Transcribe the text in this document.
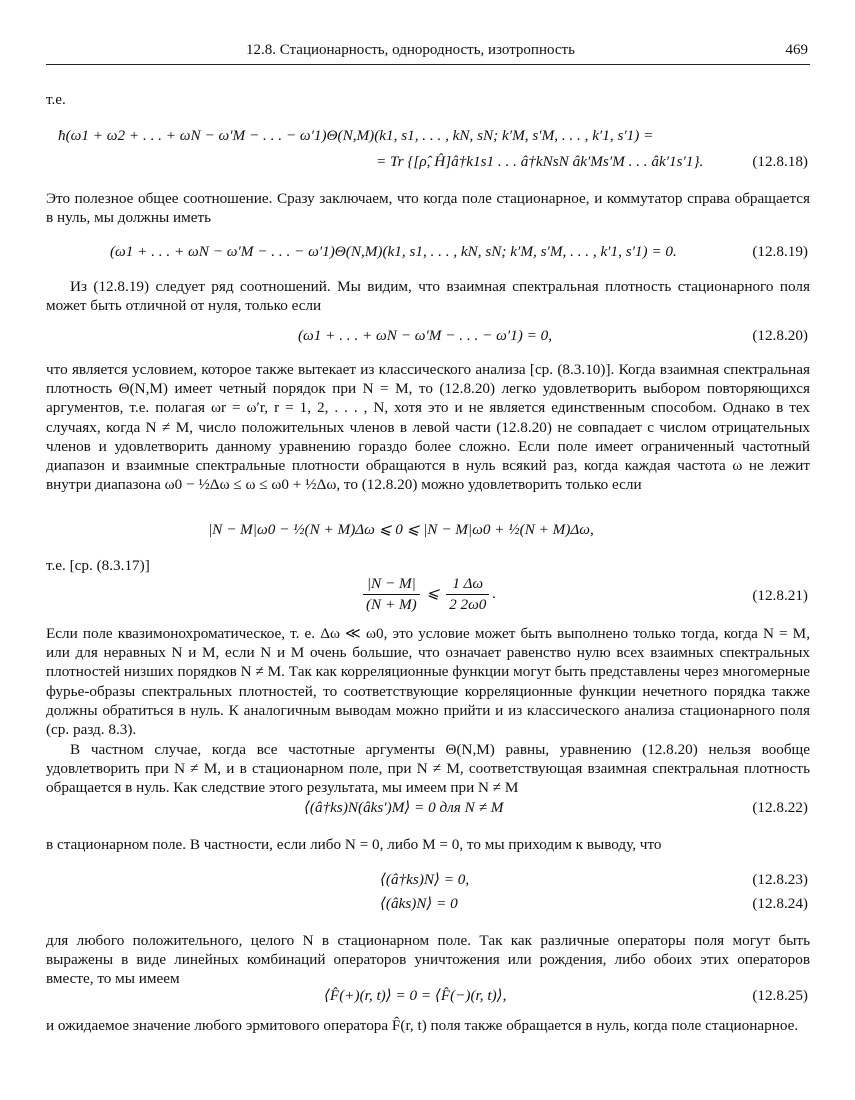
12.8. Стационарность, однородность, изотропность	469
т.е.
ħ(ω1 + ω2 + . . . + ωN − ω′M − . . . − ω′1)Θ(N,M)(k1, s1, . . . , kN, sN; k′M, s′M, . . . , k′1, s′1) =
= Tr {[ρ̂, Ĥ]â†k1s1 . . . â†kNsN âk′Ms′M . . . âk′1s′1}.	(12.8.18)
Это полезное общее соотношение. Сразу заключаем, что когда поле стационарное, и коммутатор справа обращается в нуль, мы должны иметь
(ω1 + . . . + ωN − ω′M − . . . − ω′1)Θ(N,M)(k1, s1, . . . , kN, sN; k′M, s′M, . . . , k′1, s′1) = 0.	(12.8.19)
Из (12.8.19) следует ряд соотношений. Мы видим, что взаимная спектральная плотность стационарного поля может быть отличной от нуля, только если
(ω1 + . . . + ωN − ω′M − . . . − ω′1) = 0,	(12.8.20)
что является условием, которое также вытекает из классического анализа [ср. (8.3.10)]. Когда взаимная спектральная плотность Θ(N,M) имеет четный порядок при N = M, то (12.8.20) легко удовлетворить выбором повторяющихся аргументов, т.е. полагая ωr = ω′r, r = 1, 2, . . . , N, хотя это и не является единственным способом. Однако в тех случаях, когда N ≠ M, число положительных членов в левой части (12.8.20) не совпадает с числом отрицательных членов и удовлетворить данному уравнению гораздо более сложно. Если поле имеет ограниченный частотный диапазон и взаимные спектральные плотности обращаются в нуль всякий раз, когда каждая частота ω не лежит внутри диапазона ω0 − ½Δω ≤ ω ≤ ω0 + ½Δω, то (12.8.20) можно удовлетворить только если
|N − M|ω0 − ½(N + M)Δω ⩽ 0 ⩽ |N − M|ω0 + ½(N + M)Δω,
т.е. [ср. (8.3.17)]
$\frac{|N - M|}{(N + M)}$ ⩽ $\frac{1 \Delta\omega}{2 2\omega 0}$ .	(12.8.21)
Если поле квазимонохроматическое, т. е. Δω ≪ ω0, это условие может быть выполнено только тогда, когда N = M, или для неравных N и M, если N и M очень большие, что означает равенство нулю всех взаимных спектральных плотностей низших порядков N ≠ M. Так как корреляционные функции могут быть представлены через многомерные фурье-образы спектральных плотностей, то соответствующие корреляционные функции нечетного порядка также должны обратиться в нуль. К аналогичным выводам можно прийти и из классического анализа стационарного поля (ср. разд. 8.3).
В частном случае, когда все частотные аргументы Θ(N,M) равны, уравнению (12.8.20) нельзя вообще удовлетворить при N ≠ M, и в стационарном поле, при N ≠ M, соответствующая взаимная спектральная плотность обращается в нуль. Как следствие этого результата, мы имеем при N ≠ M
⟨(â†ks)N(âks′)M⟩ = 0 для N ≠ M	(12.8.22)
в стационарном поле. В частности, если либо N = 0, либо M = 0, то мы приходим к выводу, что
⟨(â†ks)N⟩ = 0,	(12.8.23)
⟨(âks)N⟩ = 0	(12.8.24)
для любого положительного, целого N в стационарном поле. Так как различные операторы поля могут быть выражены в виде линейных комбинаций операторов уничтожения или рождения, либо обоих этих операторов вместе, то мы имеем
⟨F̂(+)(r, t)⟩ = 0 = ⟨F̂(−)(r, t)⟩,	(12.8.25)
и ожидаемое значение любого эрмитового оператора F̂(r, t) поля также обращается в нуль, когда поле стационарное.
